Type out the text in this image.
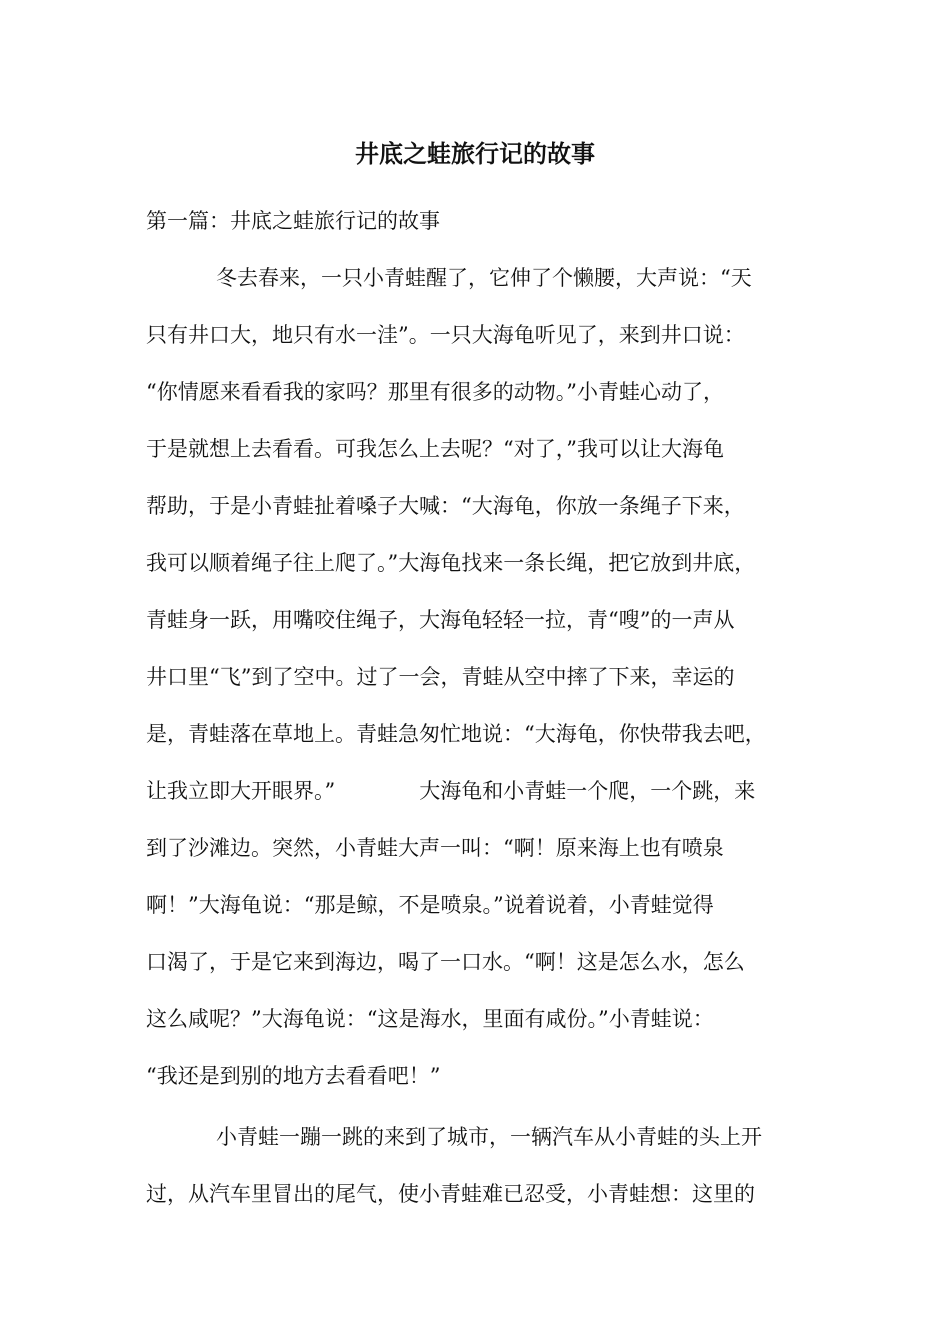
井底之蛙旅行记的故事
第一篇：井底之蛙旅行记的故事
冬去春来，一只小青蛙醒了，它伸了个懒腰，大声说：“天
只有井口大，地只有水一洼”。一只大海龟听见了，来到井口说：
“你情愿来看看我的家吗？那里有很多的动物。”小青蛙心动了，
于是就想上去看看。可我怎么上去呢？“对了，”我可以让大海龟
帮助，于是小青蛙扯着嗓子大喊：“大海龟，你放一条绳子下来，
我可以顺着绳子往上爬了。”大海龟找来一条长绳，把它放到井底，
青蛙身一跃，用嘴咬住绳子，大海龟轻轻一拉，青“嗖”的一声从
井口里“飞”到了空中。过了一会，青蛙从空中摔了下来，幸运的
是，青蛙落在草地上。青蛙急匆忙地说：“大海龟，你快带我去吧，
让我立即大开眼界。”　　　　大海龟和小青蛙一个爬，一个跳，来
到了沙滩边。突然，小青蛙大声一叫：“啊！原来海上也有喷泉
啊！”大海龟说：“那是鲸，不是喷泉。”说着说着，小青蛙觉得
口渴了，于是它来到海边，喝了一口水。“啊！这是怎么水，怎么
这么咸呢？”大海龟说：“这是海水，里面有咸份。”小青蛙说：
“我还是到别的地方去看看吧！”
小青蛙一蹦一跳的来到了城市，一辆汽车从小青蛙的头上开
过，从汽车里冒出的尾气，使小青蛙难已忍受，小青蛙想：这里的
